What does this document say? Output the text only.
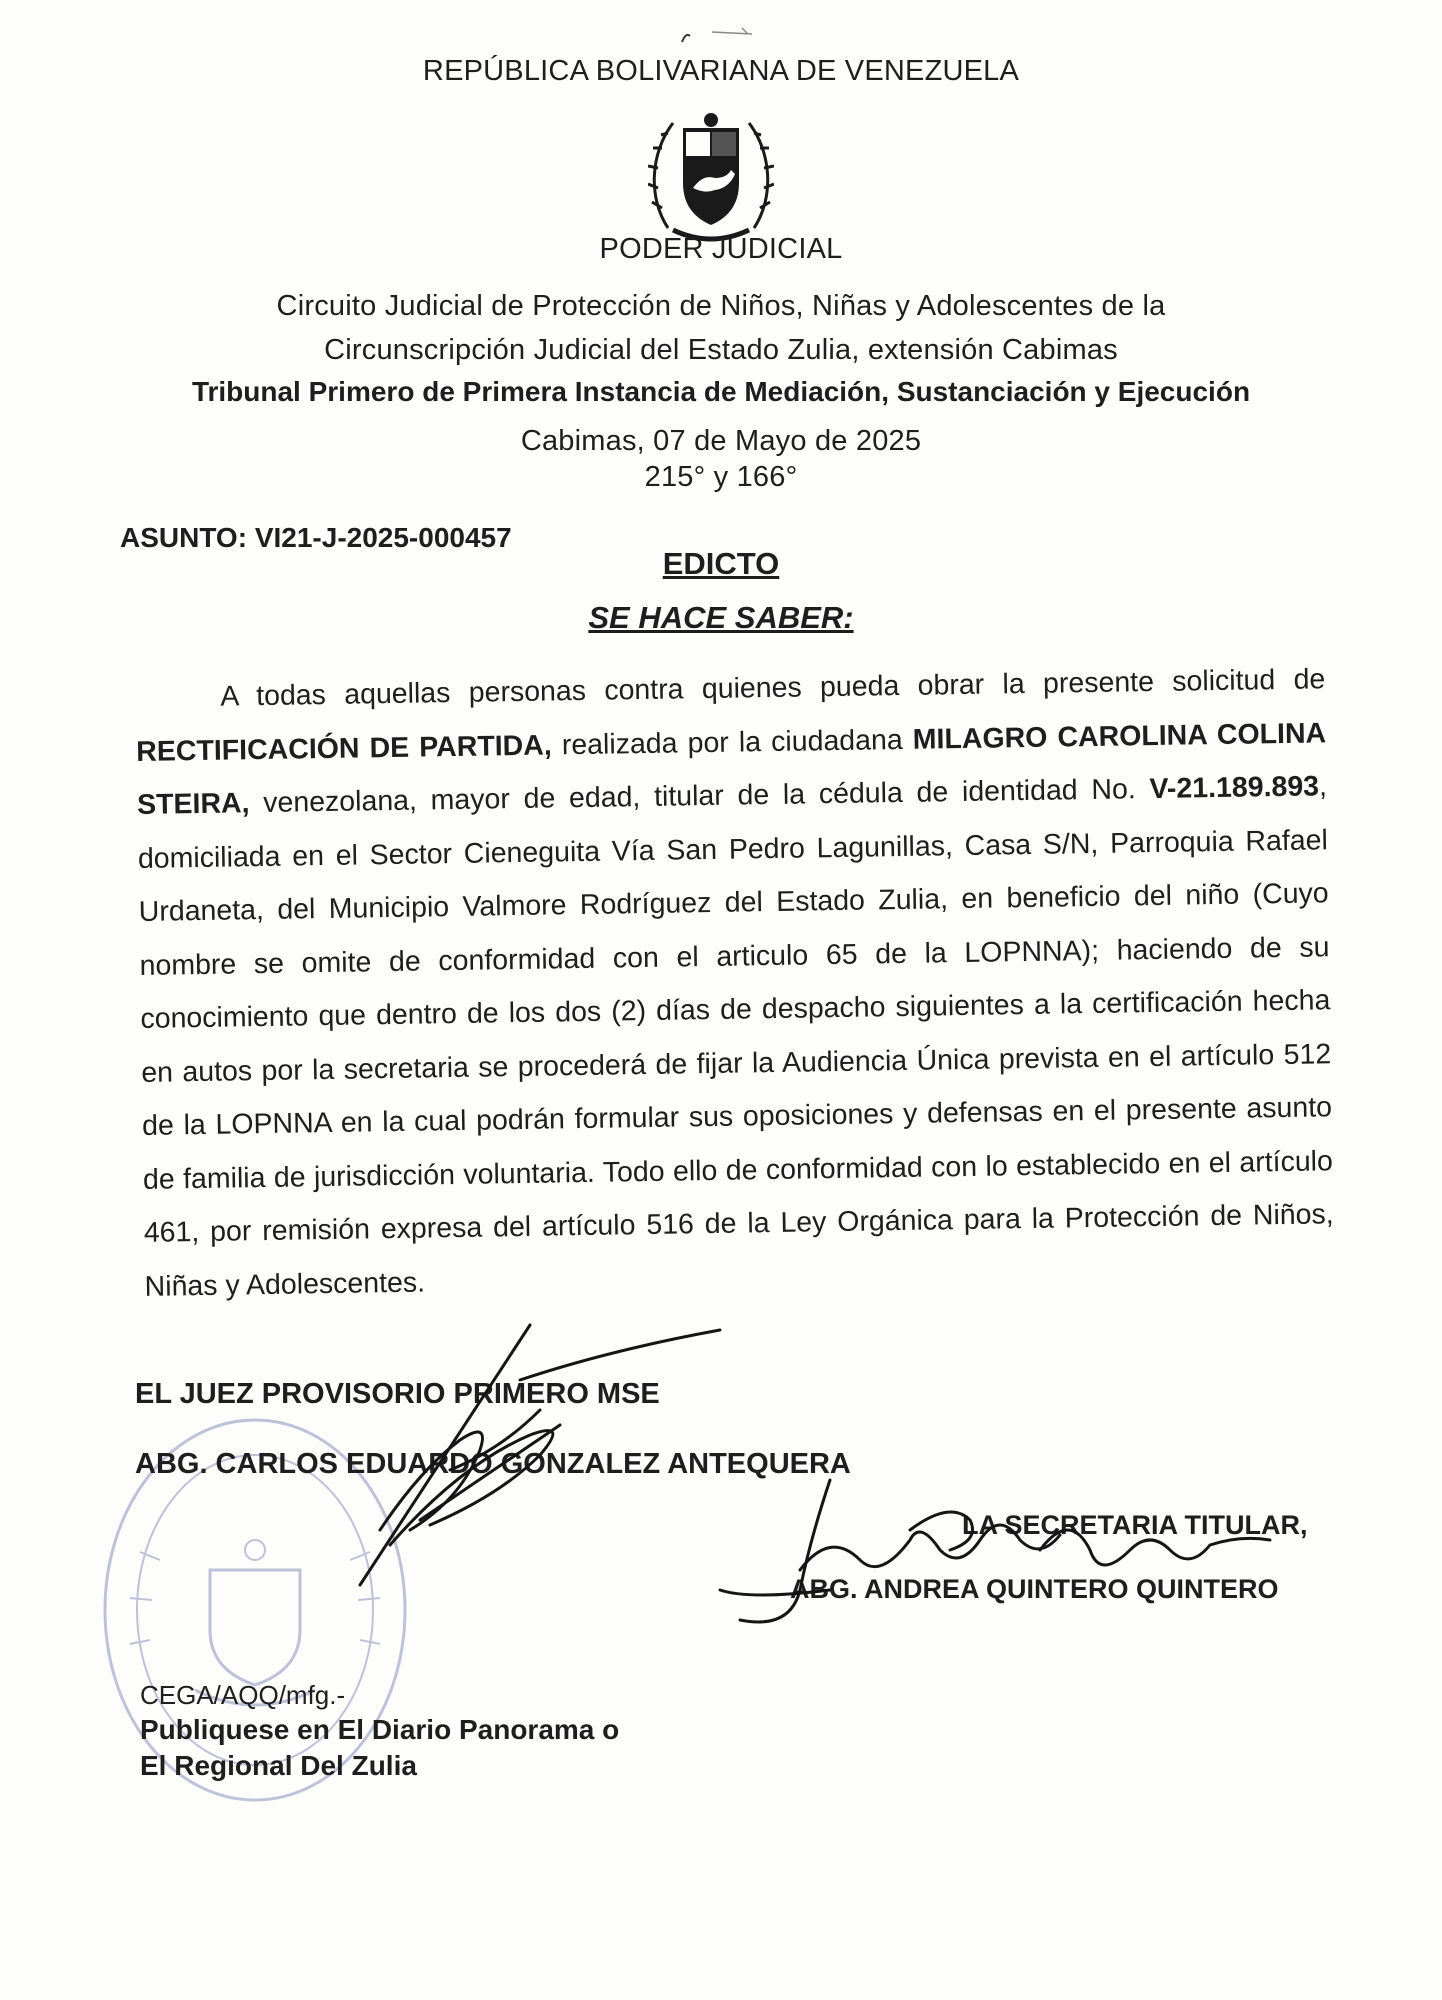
REPÚBLICA BOLIVARIANA DE VENEZUELA
PODER JUDICIAL
Circuito Judicial de Protección de Niños, Niñas y Adolescentes de la
Circunscripción Judicial del Estado Zulia, extensión Cabimas
Tribunal Primero de Primera Instancia de Mediación, Sustanciación y Ejecución
Cabimas, 07 de Mayo de 2025
215° y 166°
ASUNTO: VI21-J-2025-000457
EDICTO
SE HACE SABER:
A todas aquellas personas contra quienes pueda obrar la presente solicitud de RECTIFICACIÓN DE PARTIDA, realizada por la ciudadana MILAGRO CAROLINA COLINA STEIRA, venezolana, mayor de edad, titular de la cédula de identidad No. V-21.189.893, domiciliada en el Sector Cieneguita Vía San Pedro Lagunillas, Casa S/N, Parroquia Rafael Urdaneta, del Municipio Valmore Rodríguez del Estado Zulia, en beneficio del niño (Cuyo nombre se omite de conformidad con el articulo 65 de la LOPNNA); haciendo de su conocimiento que dentro de los dos (2) días de despacho siguientes a la certificación hecha en autos por la secretaria se procederá de fijar la Audiencia Única prevista en el artículo 512 de la LOPNNA en la cual podrán formular sus oposiciones y defensas en el presente asunto de familia de jurisdicción voluntaria. Todo ello de conformidad con lo establecido en el artículo 461, por remisión expresa del artículo 516 de la Ley Orgánica para la Protección de Niños, Niñas y Adolescentes.
EL JUEZ PROVISORIO PRIMERO MSE
ABG. CARLOS EDUARDO GONZALEZ ANTEQUERA
LA SECRETARIA TITULAR,
ABG. ANDREA QUINTERO QUINTERO
CEGA/AQQ/mfg.-
Publiquese en El Diario Panorama o
El Regional Del Zulia
